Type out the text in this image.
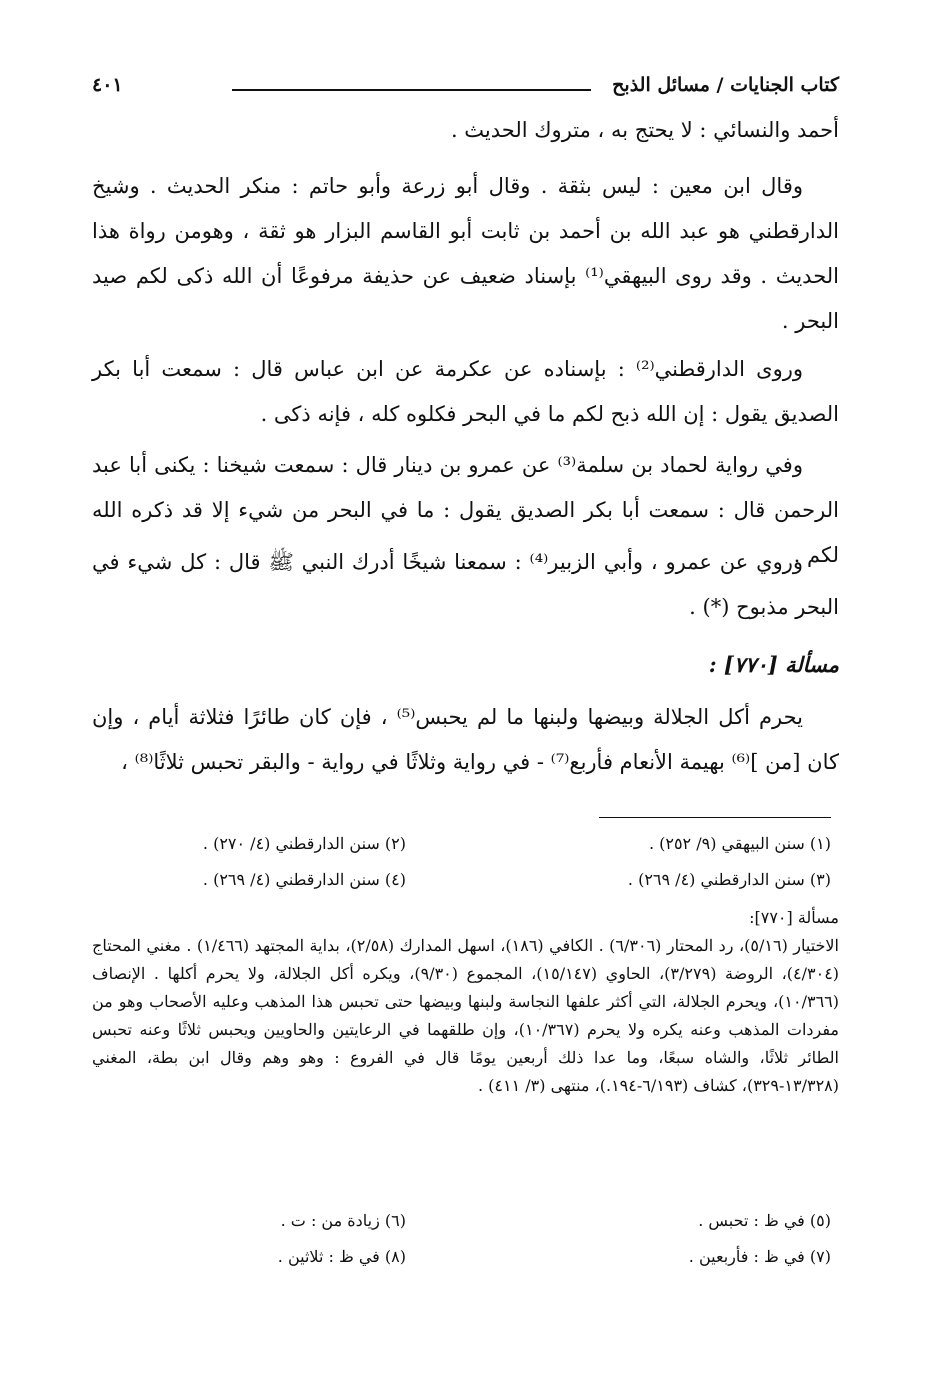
كتاب الجنايات / مسائل الذبح
٤٠١
أحمد والنسائي : لا يحتج به ، متروك الحديث .
وقال ابن معين : ليس بثقة . وقال أبو زرعة وأبو حاتم : منكر الحديث . وشيخ الدارقطني هو عبد الله بن أحمد بن ثابت أبو القاسم البزار هو ثقة ، وهومن رواة هذا الحديث . وقد روى البيهقي⁽¹⁾ بإسناد ضعيف عن حذيفة مرفوعًا أن الله ذكى لكم صيد البحر .
وروى الدارقطني⁽²⁾ : بإسناده عن عكرمة عن ابن عباس قال : سمعت أبا بكر الصديق يقول : إن الله ذبح لكم ما في البحر فكلوه كله ، فإنه ذكى .
وفي رواية لحماد بن سلمة⁽³⁾ عن عمرو بن دينار قال : سمعت شيخنا : يكنى أبا عبد الرحمن قال : سمعت أبا بكر الصديق يقول : ما في البحر من شيء إلا قد ذكره الله لكم .
وروي عن عمرو ، وأبي الزبير⁽⁴⁾ : سمعنا شيخًا أدرك النبي ﷺ قال : كل شيء في البحر مذبوح (*) .
مسألة [٧٧٠] :
يحرم أكل الجلالة وبيضها ولبنها ما لم يحبس⁽⁵⁾ ، فإن كان طائرًا فثلاثة أيام ، وإن كان [من ]⁽⁶⁾ بهيمة الأنعام فأربع⁽⁷⁾ - في رواية وثلاثًا في رواية - والبقر تحبس ثلاثًا⁽⁸⁾ ،
(١) سنن البيهقي (٩/ ٢٥٢) .
(٢) سنن الدارقطني (٤/ ٢٧٠) .
(٣) سنن الدارقطني (٤/ ٢٦٩) .
(٤) سنن الدارقطني (٤/ ٢٦٩) .
مسألة [٧٧٠]:
الاختيار (٥/١٦)، رد المحتار (٦/٣٠٦) . الكافي (١٨٦)، اسهل المدارك (٢/٥٨)، بداية المجتهد (١/٤٦٦) . مغني المحتاج (٤/٣٠٤)، الروضة (٣/٢٧٩)، الحاوي (١٥/١٤٧)، المجموع (٩/٣٠)، ويكره أكل الجلالة، ولا يحرم أكلها . الإنصاف (١٠/٣٦٦)، ويحرم الجلالة، التي أكثر علفها النجاسة ولبنها وبيضها حتى تحبس هذا المذهب وعليه الأصحاب وهو من مفردات المذهب وعنه يكره ولا يحرم (١٠/٣٦٧)، وإن طلقهما في الرعايتين والحاويين ويحبس ثلاثًا وعنه تحبس الطائر ثلاثًا، والشاه سبعًا، وما عدا ذلك أربعين يومًا قال في الفروع : وهو وهم وقال ابن بطة، المغني (١٣/٣٢٨-٣٢٩)، كشاف (٦/١٩٣-١٩٤.)، منتهى (٣/ ٤١١) .
(٥) في ظ : تحبس .
(٦) زيادة من : ت .
(٧) في ظ : فأربعين .
(٨) في ظ : ثلاثين .
